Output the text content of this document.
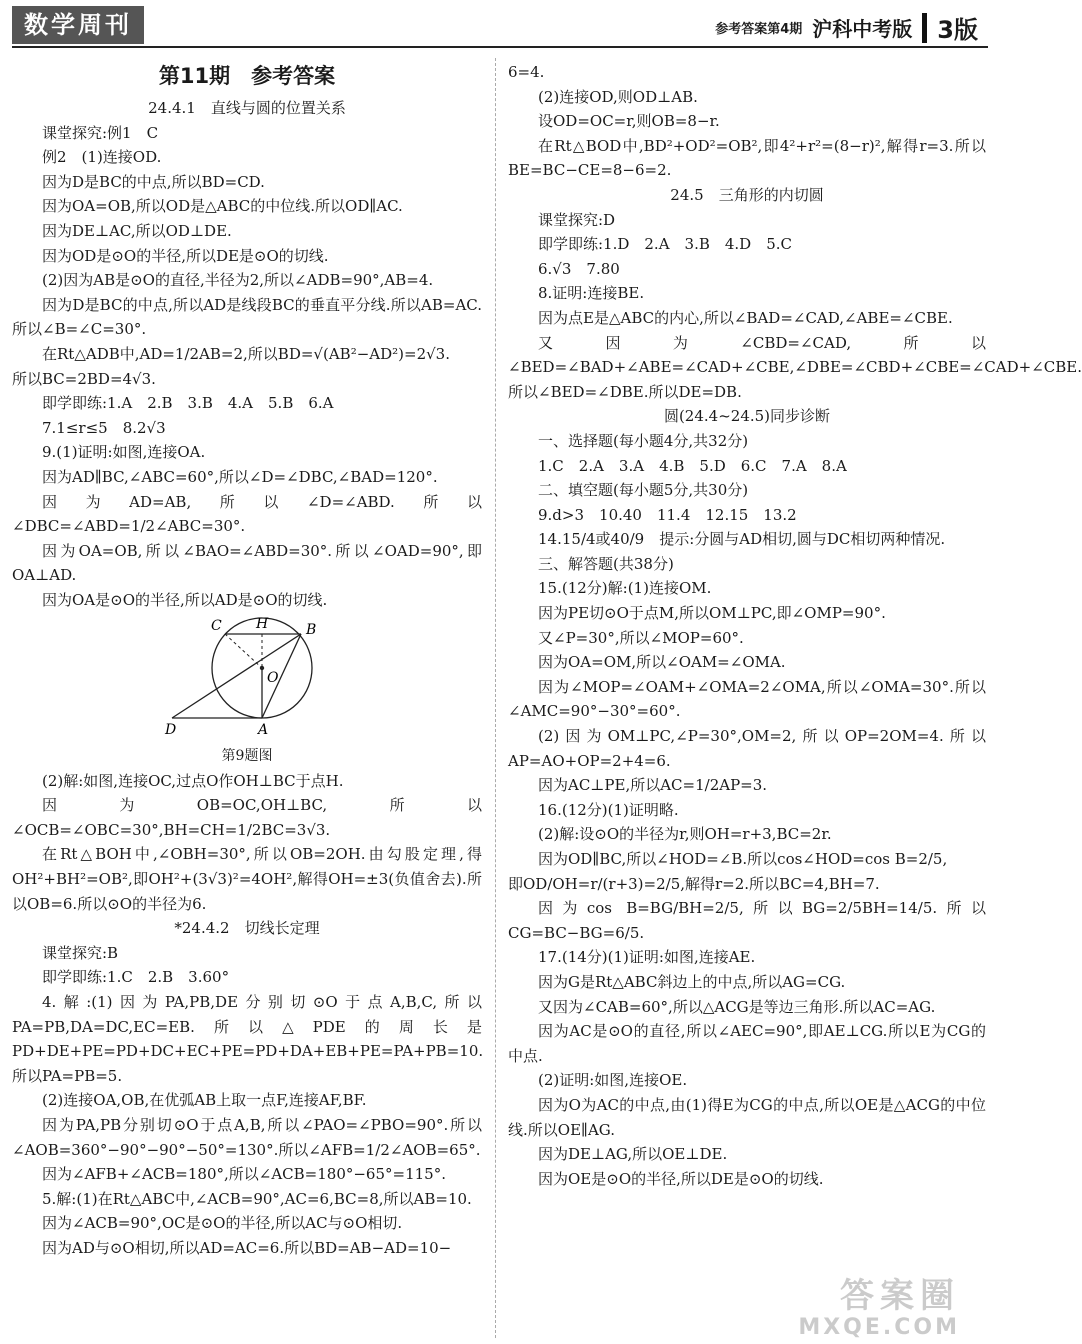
数学周刊	参考答案第4期 沪科中考版 3版
第11期　参考答案

24.4.1　直线与圆的位置关系

课堂探究:例1　C

例2　(1)连接OD.

因为D是BC的中点,所以BD=CD.

因为OA=OB,所以OD是△ABC的中位线.所以OD∥AC.

因为DE⊥AC,所以OD⊥DE.

因为OD是⊙O的半径,所以DE是⊙O的切线.

(2)因为AB是⊙O的直径,半径为2,所以∠ADB=90°,AB=4.

因为D是BC的中点,所以AD是线段BC的垂直平分线.所以AB=AC.所以∠B=∠C=30°.

在Rt△ADB中,AD=1/2AB=2,所以BD=√(AB²−AD²)=2√3.

所以BC=2BD=4√3.

即学即练:1.A　2.B　3.B　4.A　5.B　6.A

7.1≤r≤5　8.2√3

9.(1)证明:如图,连接OA.

因为AD∥BC,∠ABC=60°,所以∠D=∠DBC,∠BAD=120°.

因为AD=AB,所以∠D=∠ABD.所以∠DBC=∠ABD=1/2∠ABC=30°.

因为OA=OB,所以∠BAO=∠ABD=30°.所以∠OAD=90°,即OA⊥AD.

因为OA是⊙O的半径,所以AD是⊙O的切线.

C H	B
O
D	A
第9题图

(2)解:如图,连接OC,过点O作OH⊥BC于点H.

因为OB=OC,OH⊥BC,所以∠OCB=∠OBC=30°,BH=CH=1/2BC=3√3.

在Rt△BOH中,∠OBH=30°,所以OB=2OH.由勾股定理,得OH²+BH²=OB²,即OH²+(3√3)²=4OH²,解得OH=±3(负值舍去).所以OB=6.所以⊙O的半径为6.

*24.4.2　切线长定理

课堂探究:B

即学即练:1.C　2.B　3.60°

4.解:(1)因为PA,PB,DE分别切⊙O于点A,B,C,所以PA=PB,DA=DC,EC=EB.所以△PDE的周长是PD+DE+PE=PD+DC+EC+PE=PD+DA+EB+PE=PA+PB=10.所以PA=PB=5.

(2)连接OA,OB,在优弧AB上取一点F,连接AF,BF.

因为PA,PB分别切⊙O于点A,B,所以∠PAO=∠PBO=90°.所以∠AOB=360°−90°−90°−50°=130°.所以∠AFB=1/2∠AOB=65°.

因为∠AFB+∠ACB=180°,所以∠ACB=180°−65°=115°.

5.解:(1)在Rt△ABC中,∠ACB=90°,AC=6,BC=8,所以AB=10.

因为∠ACB=90°,OC是⊙O的半径,所以AC与⊙O相切.

因为AD与⊙O相切,所以AD=AC=6.所以BD=AB−AD=10−

6=4.

(2)连接OD,则OD⊥AB.

设OD=OC=r,则OB=8−r.

在Rt△BOD中,BD²+OD²=OB²,即4²+r²=(8−r)²,解得r=3.所以BE=BC−CE=8−6=2.

24.5　三角形的内切圆

课堂探究:D

即学即练:1.D　2.A　3.B　4.D　5.C

6.√3　7.80

8.证明:连接BE.

因为点E是△ABC的内心,所以∠BAD=∠CAD,∠ABE=∠CBE.

又因为∠CBD=∠CAD,所以∠BED=∠BAD+∠ABE=∠CAD+∠CBE,∠DBE=∠CBD+∠CBE=∠CAD+∠CBE.所以∠BED=∠DBE.所以DE=DB.

圆(24.4~24.5)同步诊断

一、选择题(每小题4分,共32分)

1.C　2.A　3.A　4.B　5.D　6.C　7.A　8.A

二、填空题(每小题5分,共30分)

9.d>3　10.40　11.4　12.15　13.2

14.15/4或40/9　提示:分圆与AD相切,圆与DC相切两种情况.

三、解答题(共38分)

15.(12分)解:(1)连接OM.

因为PE切⊙O于点M,所以OM⊥PC,即∠OMP=90°.

又∠P=30°,所以∠MOP=60°.

因为OA=OM,所以∠OAM=∠OMA.

因为∠MOP=∠OAM+∠OMA=2∠OMA,所以∠OMA=30°.所以∠AMC=90°−30°=60°.

(2)因为OM⊥PC,∠P=30°,OM=2,所以OP=2OM=4.所以AP=AO+OP=2+4=6.

因为AC⊥PE,所以AC=1/2AP=3.

16.(12分)(1)证明略.

(2)解:设⊙O的半径为r,则OH=r+3,BC=2r.

因为OD∥BC,所以∠HOD=∠B.所以cos∠HOD=cos B=2/5,

即OD/OH=r/(r+3)=2/5,解得r=2.所以BC=4,BH=7.

因为cos B=BG/BH=2/5,所以BG=2/5BH=14/5.所以CG=BC−BG=6/5.

17.(14分)(1)证明:如图,连接AE.

因为G是Rt△ABC斜边上的中点,所以AG=CG.

又因为∠CAB=60°,所以△ACG是等边三角形.所以AC=AG.

因为AC是⊙O的直径,所以∠AEC=90°,即AE⊥CG.所以E为CG的中点.

(2)证明:如图,连接OE.

因为O为AC的中点,由(1)得E为CG的中点,所以OE是△ACG的中位线.所以OE∥AG.

因为DE⊥AG,所以OE⊥DE.

因为OE是⊙O的半径,所以DE是⊙O的切线.

答案圈
MXQE.COM
